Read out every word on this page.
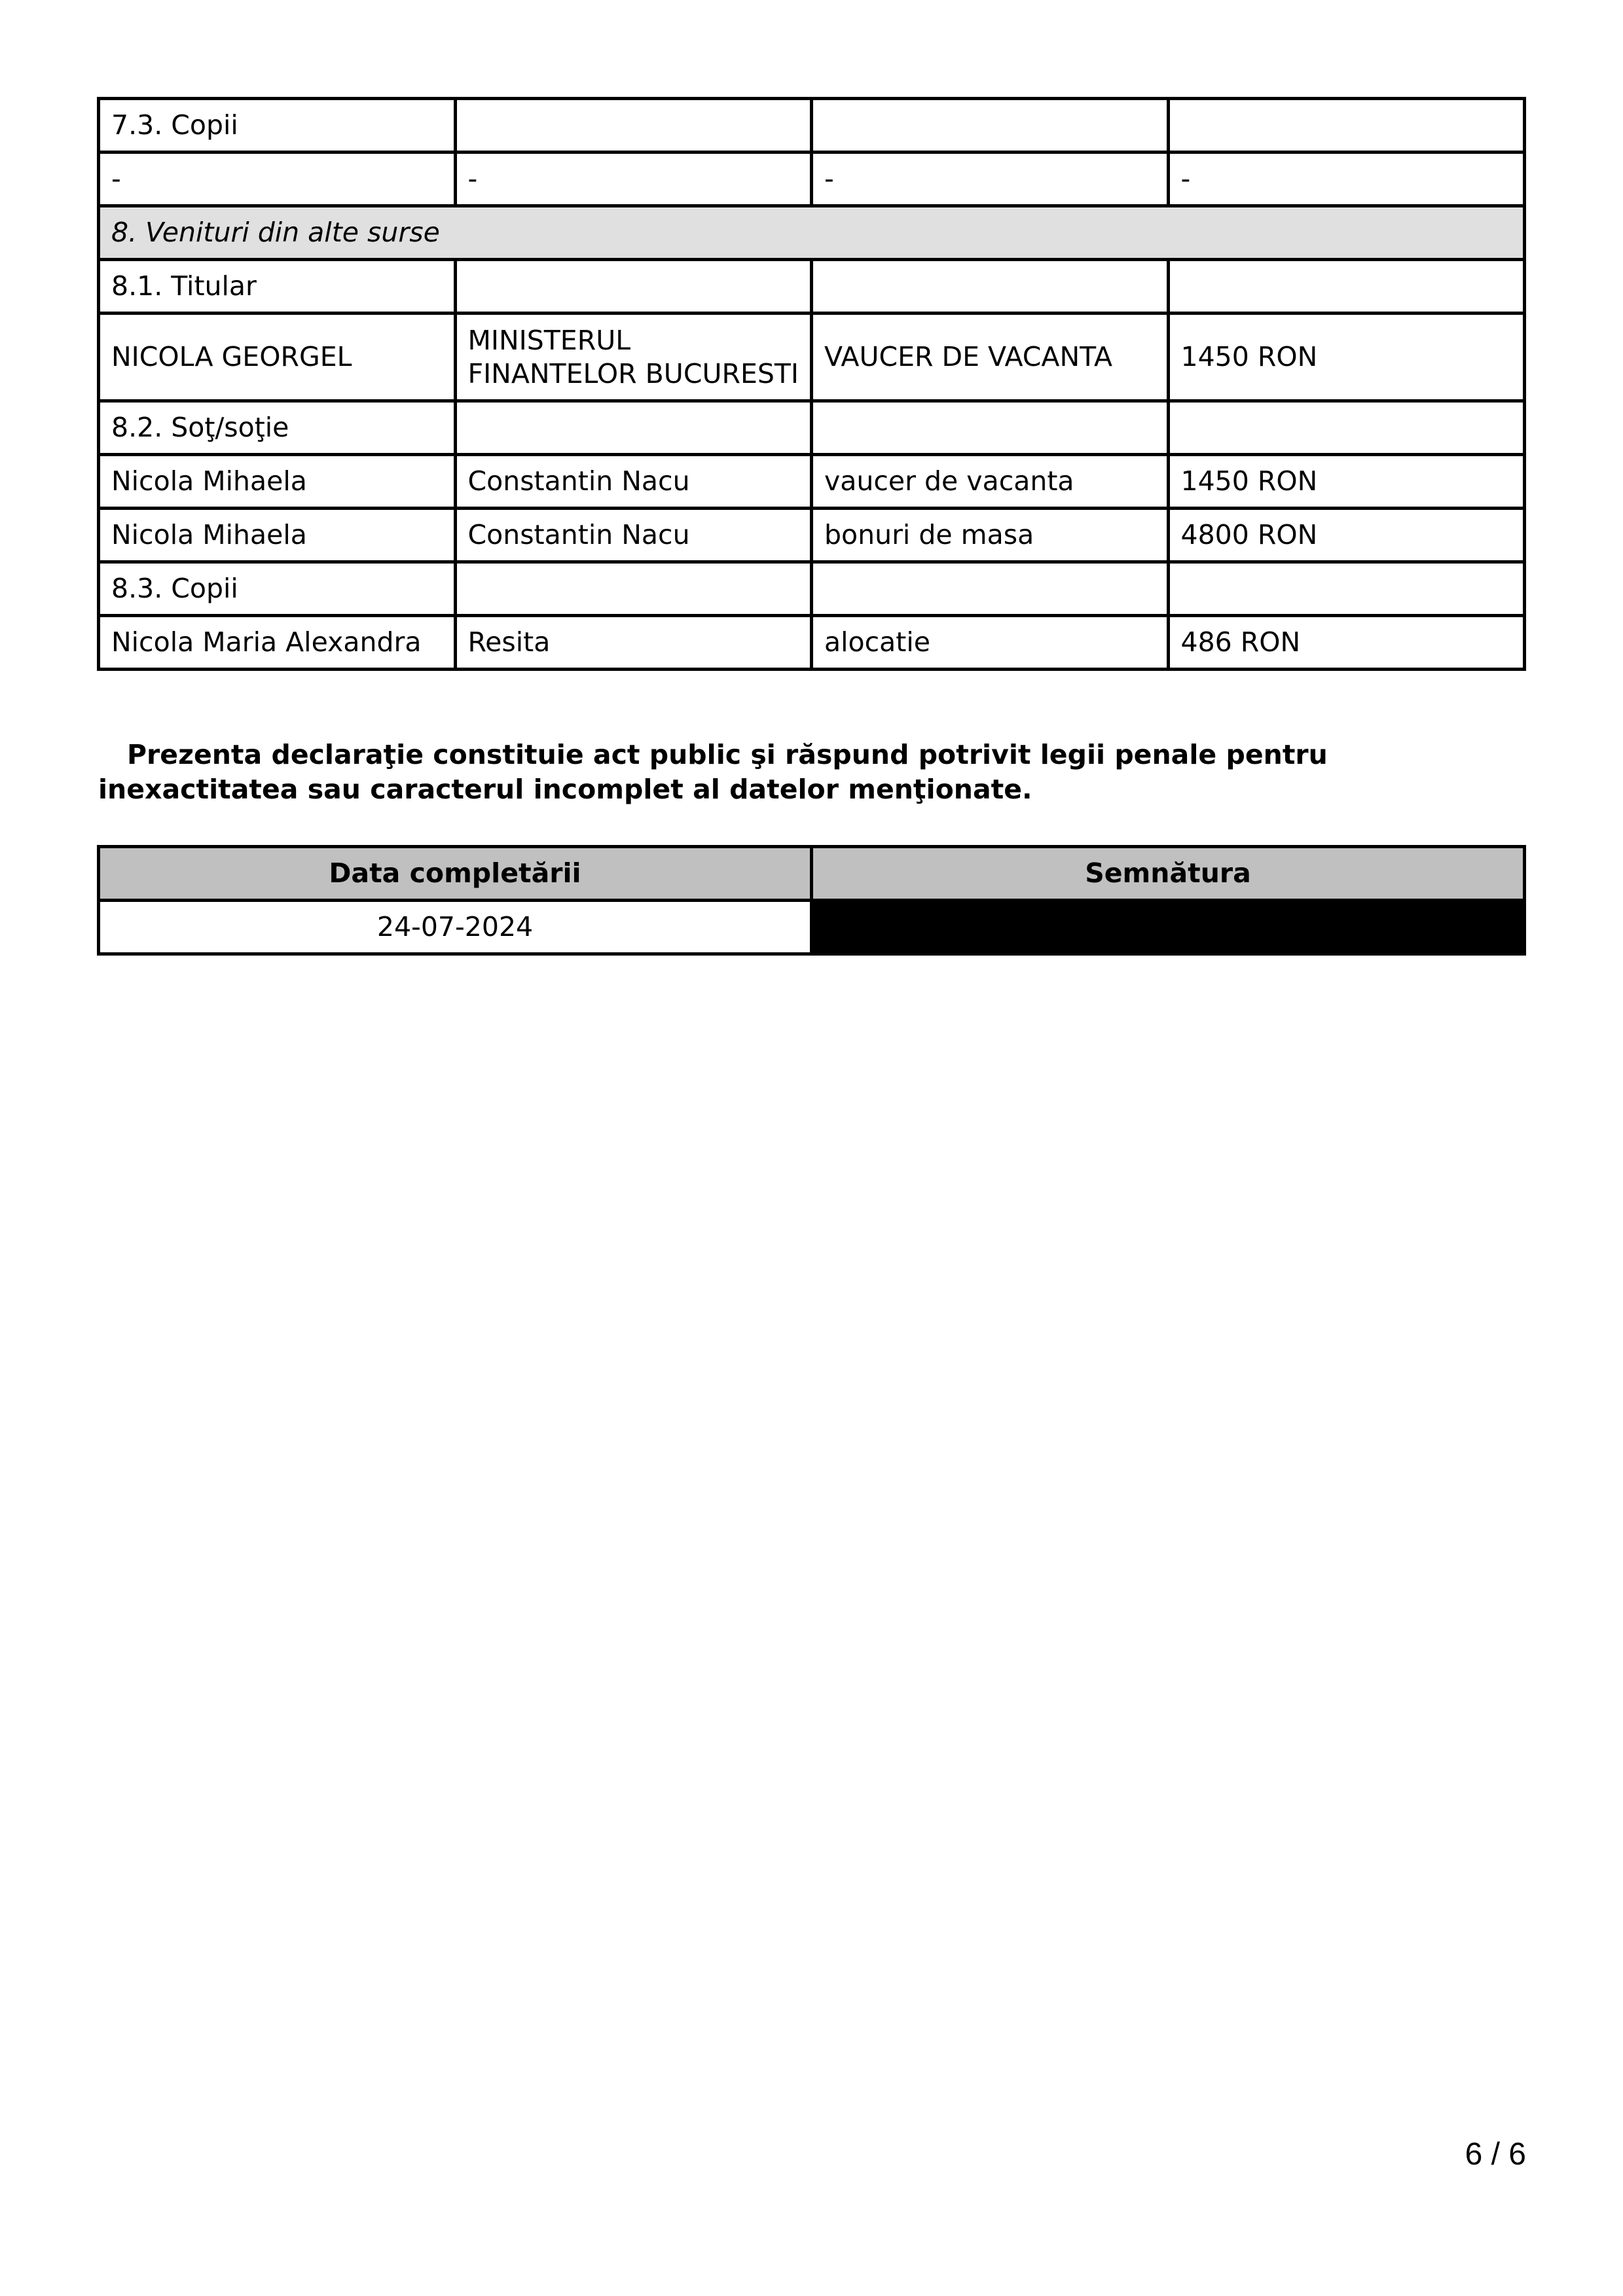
7.3. Copii			
-	-	-	-
8. Venituri din alte surse			
8.1. Titular			
NICOLA GEORGEL	MINISTERUL FINANTELOR BUCURESTI	VAUCER DE VACANTA	1450 RON
8.2. Soţ/soţie			
Nicola Mihaela	Constantin Nacu	vaucer de vacanta	1450 RON
Nicola Mihaela	Constantin Nacu	bonuri de masa	4800 RON
8.3. Copii			
Nicola Maria Alexandra	Resita	alocatie	486 RON

Prezenta declaraţie constituie act public şi răspund potrivit legii penale pentru inexactitatea sau caracterul incomplet al datelor menţionate.

Data completării	Semnătura
24-07-2024	
6 / 6
